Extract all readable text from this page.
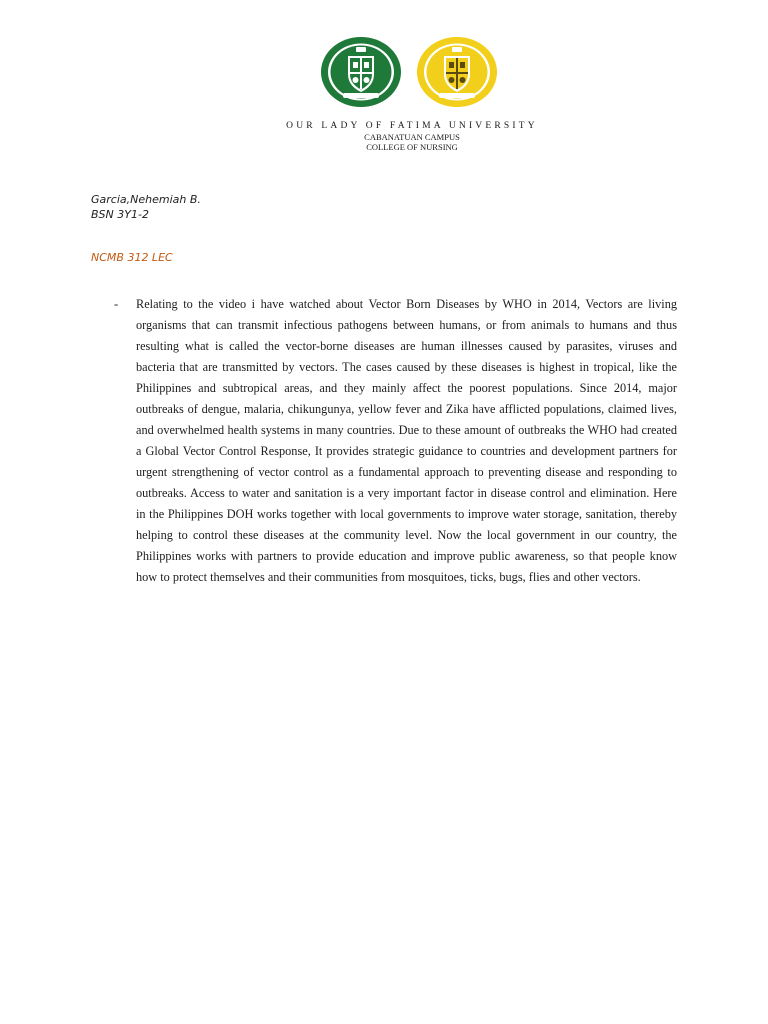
OUR LADY OF FATIMA UNIVERSITY
CABANATUAN CAMPUS
COLLEGE OF NURSING
Garcia,Nehemiah B.
BSN 3Y1-2
NCMB 312 LEC
- Relating to the video i have watched about Vector Born Diseases by WHO in 2014, Vectors are living organisms that can transmit infectious pathogens between humans, or from animals to humans and thus resulting what is called the vector-borne diseases are human illnesses caused by parasites, viruses and bacteria that are transmitted by vectors. The cases caused by these diseases is highest in tropical, like the Philippines and subtropical areas, and they mainly affect the poorest populations. Since 2014, major outbreaks of dengue, malaria, chikungunya, yellow fever and Zika have afflicted populations, claimed lives, and overwhelmed health systems in many countries. Due to these amount of outbreaks the WHO had created a Global Vector Control Response, It provides strategic guidance to countries and development partners for urgent strengthening of vector control as a fundamental approach to preventing disease and responding to outbreaks. Access to water and sanitation is a very important factor in disease control and elimination. Here in the Philippines DOH works together with local governments to improve water storage, sanitation, thereby helping to control these diseases at the community level. Now the local government in our country, the Philippines works with partners to provide education and improve public awareness, so that people know how to protect themselves and their communities from mosquitoes, ticks, bugs, flies and other vectors.
